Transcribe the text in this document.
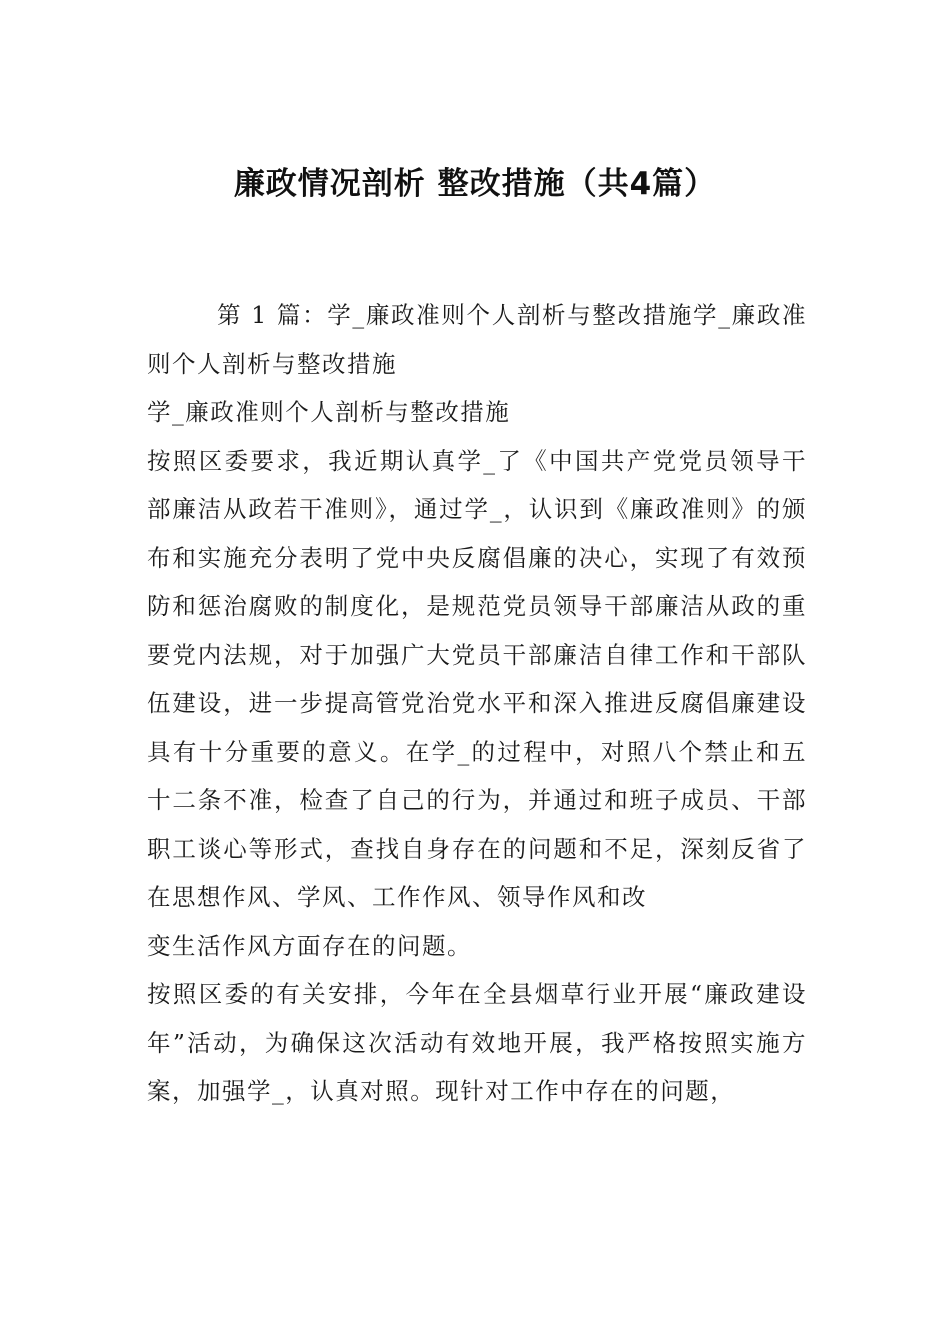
廉政情况剖析 整改措施（共4篇）

第 1 篇：学_廉政准则个人剖析与整改措施学_廉政准则个人剖析与整改措施

学_廉政准则个人剖析与整改措施

按照区委要求，我近期认真学_了《中国共产党党员领导干部廉洁从政若干准则》，通过学_，认识到《廉政准则》的颁布和实施充分表明了党中央反腐倡廉的决心，实现了有效预防和惩治腐败的制度化，是规范党员领导干部廉洁从政的重要党内法规，对于加强广大党员干部廉洁自律工作和干部队伍建设，进一步提高管党治党水平和深入推进反腐倡廉建设具有十分重要的意义。在学_的过程中，对照八个禁止和五十二条不准，检查了自己的行为，并通过和班子成员、干部职工谈心等形式，查找自身存在的问题和不足，深刻反省了在思想作风、学风、工作作风、领导作风和改

变生活作风方面存在的问题。

按照区委的有关安排，今年在全县烟草行业开展“廉政建设年”活动，为确保这次活动有效地开展，我严格按照实施方案，加强学_，认真对照。现针对工作中存在的问题，
